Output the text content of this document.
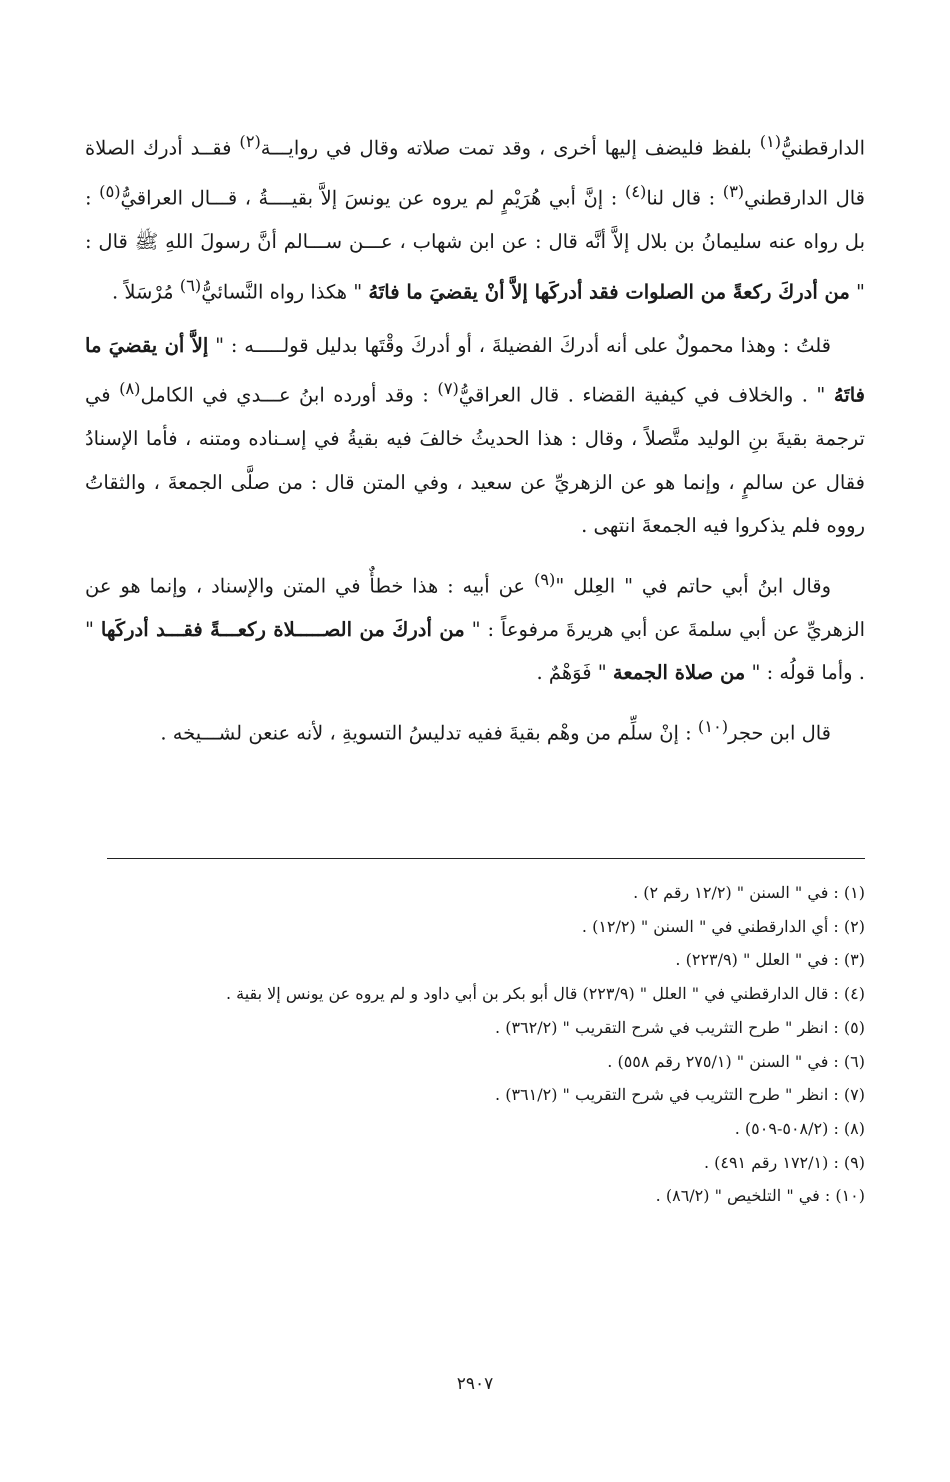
الدارقطنيُّ$^{(١)}$ بلفظ فليضف إليها أخرى ، وقد تمت صلاته وقال في روايـــة$^{(٢)}$ فقــد أدرك الصلاة قال الدارقطني$^{(٣)}$ : قال لنا$^{(٤)}$ : إنَّ أبي هُرَيْمٍ لم يروه عن يونسَ إلاَّ بقيــــةُ ، قـــال العراقيُّ$^{(٥)}$ : بل رواه عنه سليمانُ بن بلال إلاَّ أنَّه قال : عن ابن شهاب ، عـــن ســـالم أنَّ رسولَ اللهِ ﷺ قال : " من أدركَ ركعةً من الصلوات فقد أدركَها إلاَّ أنْ يقضيَ ما فاتَهُ " هكذا رواه النَّسائيُّ$^{(٦)}$ مُرْسَلاً .

قلتُ : وهذا محمولٌ على أنه أدركَ الفضيلةَ ، أو أدركَ وقْتَها بدليل قولـــــه : " إلاَّ أن يقضيَ ما فاتَهُ " . والخلاف في كيفية القضاء . قال العراقيُّ$^{(٧)}$ : وقد أورده ابنُ عـــدي في الكامل$^{(٨)}$ في ترجمة بقيةَ بنِ الوليد متَّصلاً ، وقال : هذا الحديثُ خالفَ فيه بقيةُ في إسـناده ومتنه ، فأما الإسنادُ فقال عن سالمٍ ، وإنما هو عن الزهريِّ عن سعيد ، وفي المتن قال : من صلَّى الجمعةَ ، والثقاتُ رووه فلم يذكروا فيه الجمعةَ انتهى .

وقال ابنُ أبي حاتم في " العِلل "$^{(٩)}$ عن أبيه : هذا خطأٌ في المتن والإسناد ، وإنما هو عن الزهريِّ عن أبي سلمةَ عن أبي هريرةَ مرفوعاً : " من أدركَ من الصـــــلاة ركعـــةً فقـــد أدركَها " . وأما قولُه : " من صلاة الجمعة " فَوَهْمٌ .

قال ابن حجر$^{(١٠)}$ : إنْ سلِّم من وهْم بقيةَ ففيه تدليسُ التسويةِ ، لأنه عنعن لشـــيخه .

(١) : في " السنن " (١٢/٢ رقم ٢) .
(٢) : أي الدارقطني في " السنن " (١٢/٢) .
(٣) : في " العلل " (٢٢٣/٩) .
(٤) : قال الدارقطني في " العلل " (٢٢٣/٩) قال أبو بكر بن أبي داود و لم يروه عن يونس إلا بقية .
(٥) : انظر " طرح التثريب في شرح التقريب " (٣٦٢/٢) .
(٦) : في " السنن " (٢٧٥/١ رقم ٥٥٨) .
(٧) : انظر " طرح التثريب في شرح التقريب " (٣٦١/٢) .
(٨) : (٥٠٨/٢-٥٠٩) .
(٩) : (١٧٢/١ رقم ٤٩١) .
(١٠) : في " التلخيص " (٨٦/٢) .
٢٩٠٧
